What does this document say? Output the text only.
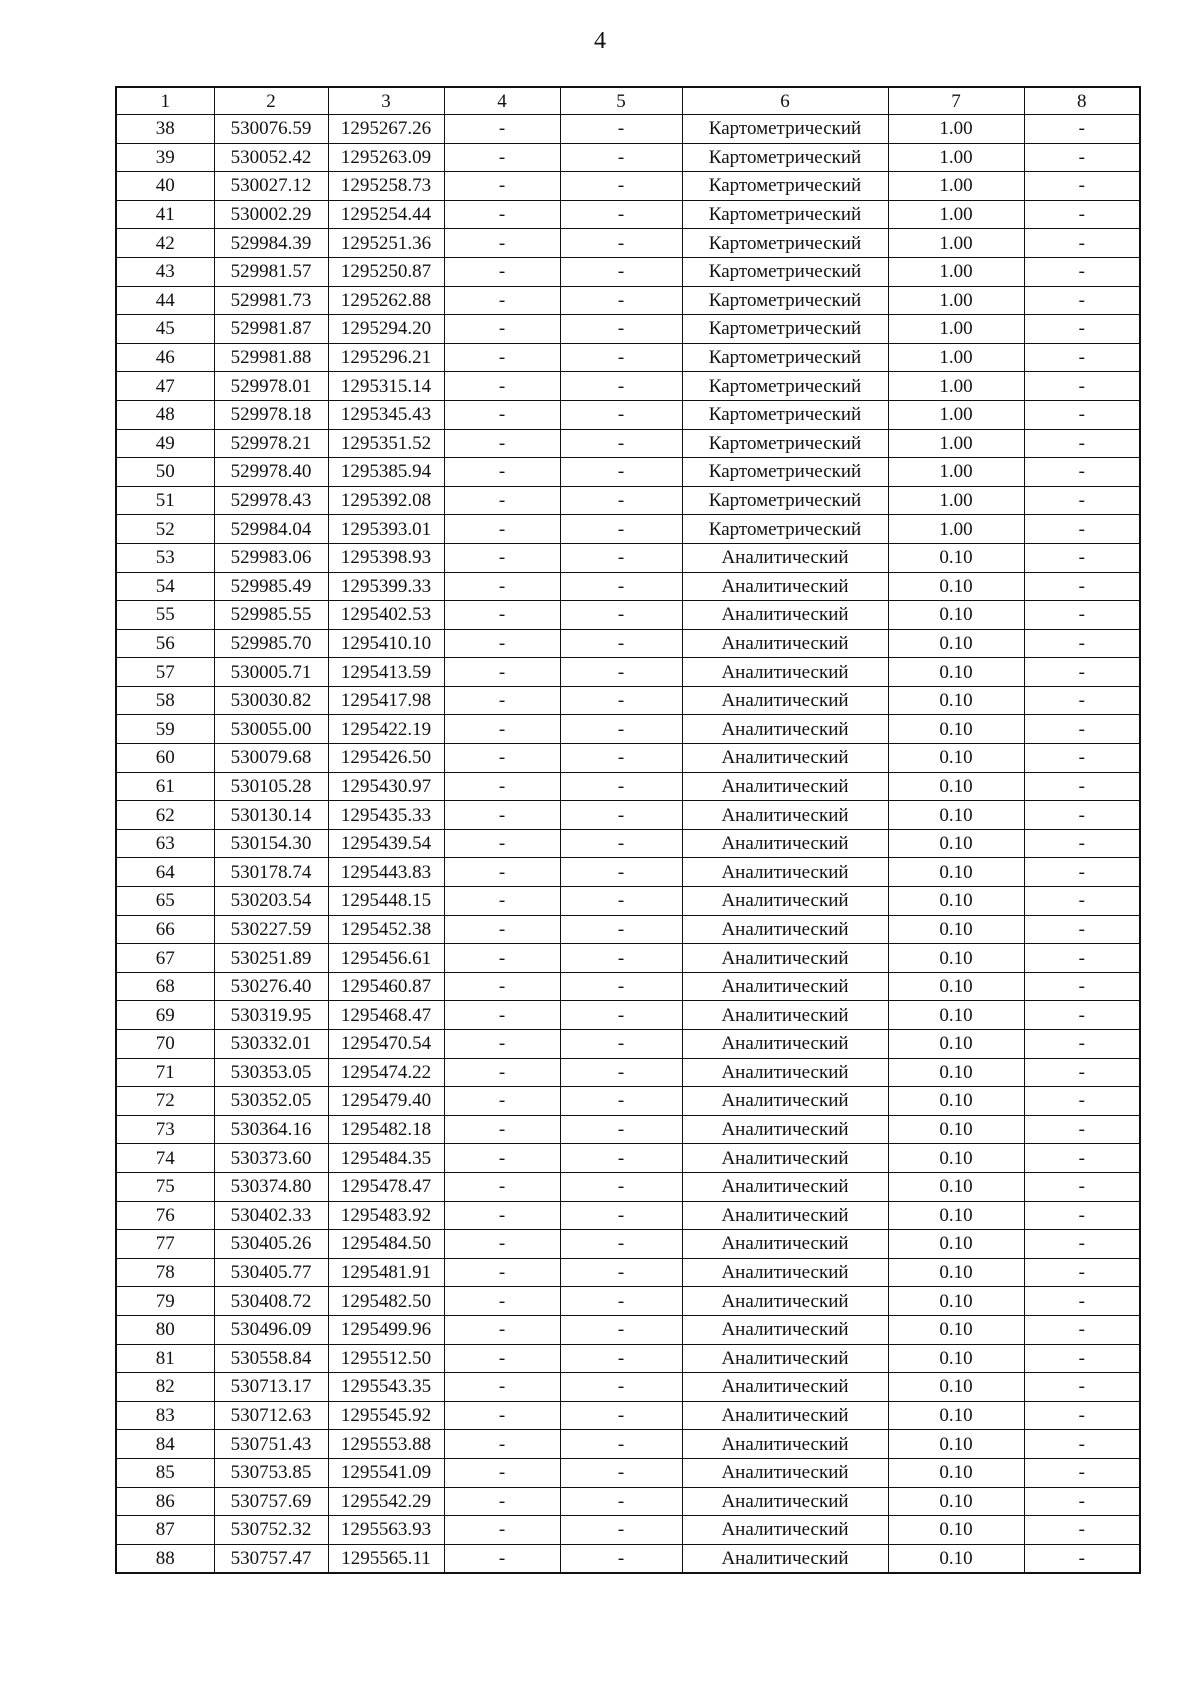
4
1	2	3	4	5	6	7	8
38	530076.59	1295267.26	-	-	Картометрический	1.00	-
39	530052.42	1295263.09	-	-	Картометрический	1.00	-
40	530027.12	1295258.73	-	-	Картометрический	1.00	-
41	530002.29	1295254.44	-	-	Картометрический	1.00	-
42	529984.39	1295251.36	-	-	Картометрический	1.00	-
43	529981.57	1295250.87	-	-	Картометрический	1.00	-
44	529981.73	1295262.88	-	-	Картометрический	1.00	-
45	529981.87	1295294.20	-	-	Картометрический	1.00	-
46	529981.88	1295296.21	-	-	Картометрический	1.00	-
47	529978.01	1295315.14	-	-	Картометрический	1.00	-
48	529978.18	1295345.43	-	-	Картометрический	1.00	-
49	529978.21	1295351.52	-	-	Картометрический	1.00	-
50	529978.40	1295385.94	-	-	Картометрический	1.00	-
51	529978.43	1295392.08	-	-	Картометрический	1.00	-
52	529984.04	1295393.01	-	-	Картометрический	1.00	-
53	529983.06	1295398.93	-	-	Аналитический	0.10	-
54	529985.49	1295399.33	-	-	Аналитический	0.10	-
55	529985.55	1295402.53	-	-	Аналитический	0.10	-
56	529985.70	1295410.10	-	-	Аналитический	0.10	-
57	530005.71	1295413.59	-	-	Аналитический	0.10	-
58	530030.82	1295417.98	-	-	Аналитический	0.10	-
59	530055.00	1295422.19	-	-	Аналитический	0.10	-
60	530079.68	1295426.50	-	-	Аналитический	0.10	-
61	530105.28	1295430.97	-	-	Аналитический	0.10	-
62	530130.14	1295435.33	-	-	Аналитический	0.10	-
63	530154.30	1295439.54	-	-	Аналитический	0.10	-
64	530178.74	1295443.83	-	-	Аналитический	0.10	-
65	530203.54	1295448.15	-	-	Аналитический	0.10	-
66	530227.59	1295452.38	-	-	Аналитический	0.10	-
67	530251.89	1295456.61	-	-	Аналитический	0.10	-
68	530276.40	1295460.87	-	-	Аналитический	0.10	-
69	530319.95	1295468.47	-	-	Аналитический	0.10	-
70	530332.01	1295470.54	-	-	Аналитический	0.10	-
71	530353.05	1295474.22	-	-	Аналитический	0.10	-
72	530352.05	1295479.40	-	-	Аналитический	0.10	-
73	530364.16	1295482.18	-	-	Аналитический	0.10	-
74	530373.60	1295484.35	-	-	Аналитический	0.10	-
75	530374.80	1295478.47	-	-	Аналитический	0.10	-
76	530402.33	1295483.92	-	-	Аналитический	0.10	-
77	530405.26	1295484.50	-	-	Аналитический	0.10	-
78	530405.77	1295481.91	-	-	Аналитический	0.10	-
79	530408.72	1295482.50	-	-	Аналитический	0.10	-
80	530496.09	1295499.96	-	-	Аналитический	0.10	-
81	530558.84	1295512.50	-	-	Аналитический	0.10	-
82	530713.17	1295543.35	-	-	Аналитический	0.10	-
83	530712.63	1295545.92	-	-	Аналитический	0.10	-
84	530751.43	1295553.88	-	-	Аналитический	0.10	-
85	530753.85	1295541.09	-	-	Аналитический	0.10	-
86	530757.69	1295542.29	-	-	Аналитический	0.10	-
87	530752.32	1295563.93	-	-	Аналитический	0.10	-
88	530757.47	1295565.11	-	-	Аналитический	0.10	-
